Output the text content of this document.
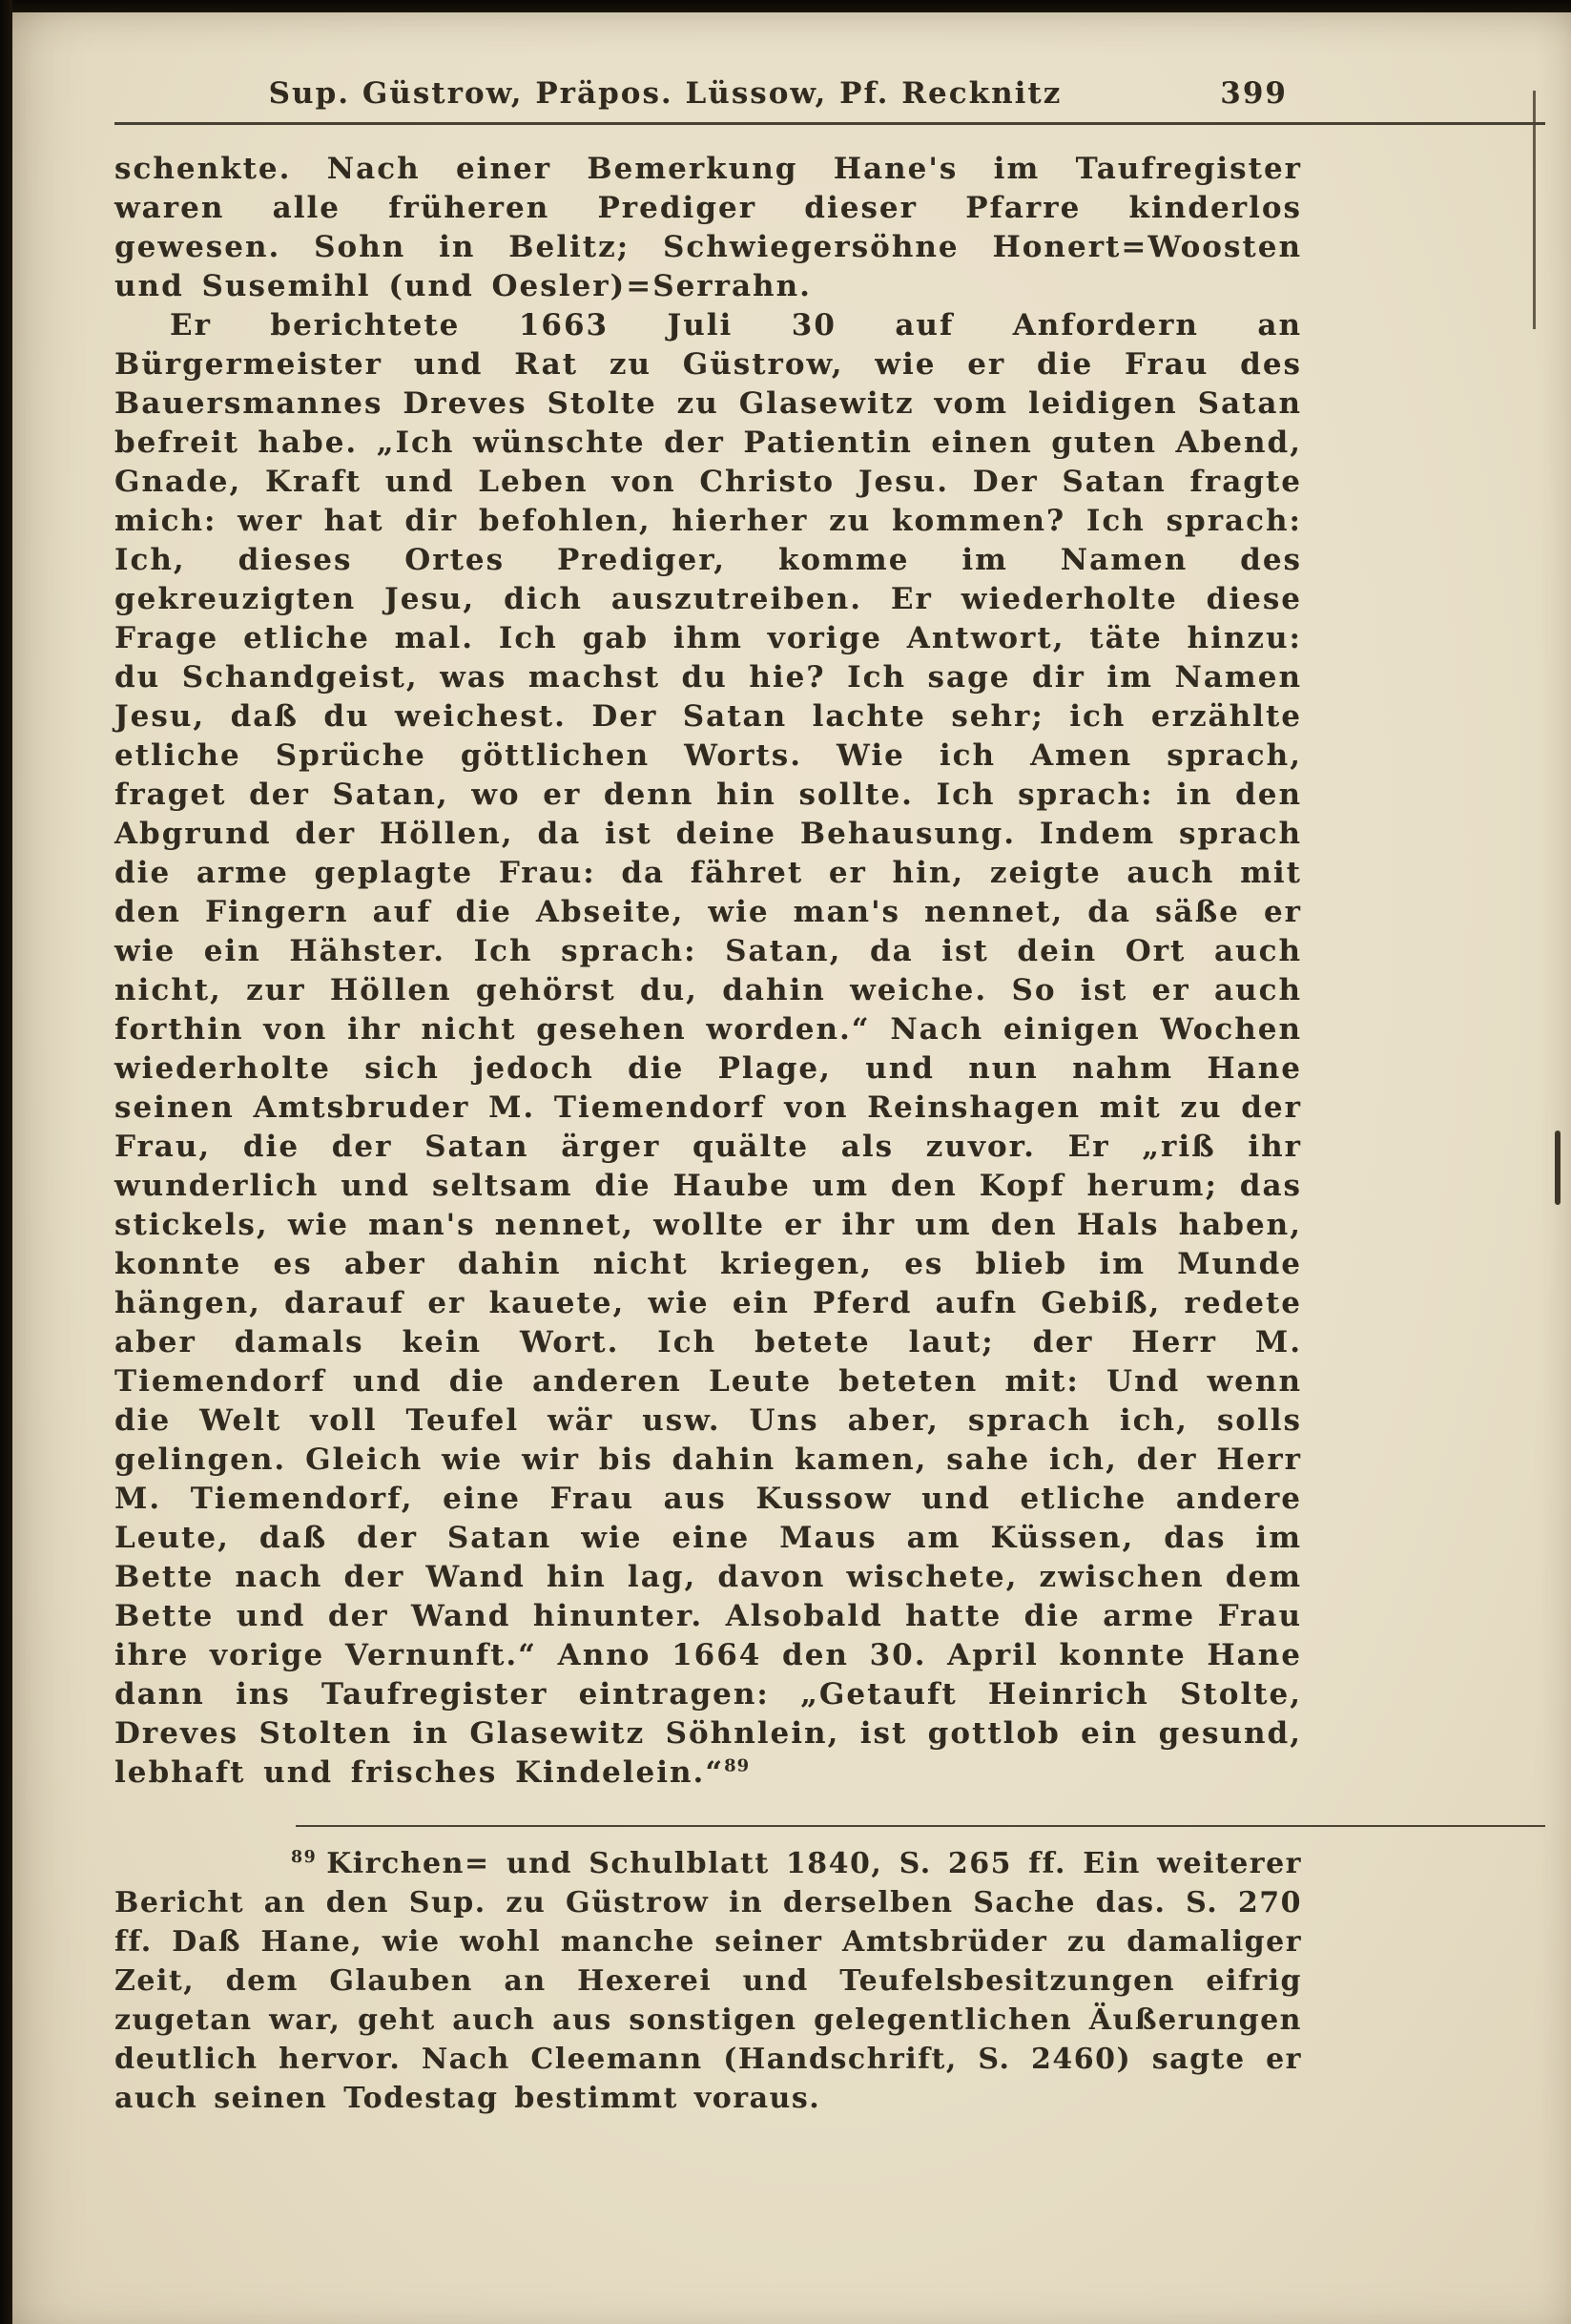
Sup. Güstrow, Präpos. Lüssow, Pf. Recknitz	399

schenkte. Nach einer Bemerkung Hane's im Taufregister waren alle früheren Prediger dieser Pfarre kinderlos gewesen. Sohn in Belitz; Schwiegersöhne Honert=Woosten und Susemihl (und Oesler)=Serrahn.

Er berichtete 1663 Juli 30 auf Anfordern an Bürgermeister und Rat zu Güstrow, wie er die Frau des Bauersmannes Dreves Stolte zu Glasewitz vom leidigen Satan befreit habe. „Ich wünschte der Patientin einen guten Abend, Gnade, Kraft und Leben von Christo Jesu. Der Satan fragte mich: wer hat dir befohlen, hierher zu kommen? Ich sprach: Ich, dieses Ortes Prediger, komme im Namen des gekreuzigten Jesu, dich auszutreiben. Er wiederholte diese Frage etliche mal. Ich gab ihm vorige Antwort, täte hinzu: du Schandgeist, was machst du hie? Ich sage dir im Namen Jesu, daß du weichest. Der Satan lachte sehr; ich erzählte etliche Sprüche göttlichen Worts. Wie ich Amen sprach, fraget der Satan, wo er denn hin sollte. Ich sprach: in den Abgrund der Höllen, da ist deine Behausung. Indem sprach die arme geplagte Frau: da fähret er hin, zeigte auch mit den Fingern auf die Abseite, wie man's nennet, da säße er wie ein Hähster. Ich sprach: Satan, da ist dein Ort auch nicht, zur Höllen gehörst du, dahin weiche. So ist er auch forthin von ihr nicht gesehen worden.“ Nach einigen Wochen wiederholte sich jedoch die Plage, und nun nahm Hane seinen Amtsbruder M. Tiemendorf von Reinshagen mit zu der Frau, die der Satan ärger quälte als zuvor. Er „riß ihr wunderlich und seltsam die Haube um den Kopf herum; das stickels, wie man's nennet, wollte er ihr um den Hals haben, konnte es aber dahin nicht kriegen, es blieb im Munde hängen, darauf er kauete, wie ein Pferd aufn Gebiß, redete aber damals kein Wort. Ich betete laut; der Herr M. Tiemendorf und die anderen Leute beteten mit: Und wenn die Welt voll Teufel wär usw. Uns aber, sprach ich, solls gelingen. Gleich wie wir bis dahin kamen, sahe ich, der Herr M. Tiemendorf, eine Frau aus Kussow und etliche andere Leute, daß der Satan wie eine Maus am Küssen, das im Bette nach der Wand hin lag, davon wischete, zwischen dem Bette und der Wand hinunter. Alsobald hatte die arme Frau ihre vorige Vernunft.“ Anno 1664 den 30. April konnte Hane dann ins Taufregister eintragen: „Getauft Heinrich Stolte, Dreves Stolten in Glasewitz Söhnlein, ist gottlob ein gesund, lebhaft und frisches Kindelein.“$^{89}$

$^{89}$ Kirchen= und Schulblatt 1840, S. 265 ff. Ein weiterer Bericht an den Sup. zu Güstrow in derselben Sache das. S. 270 ff. Daß Hane, wie wohl manche seiner Amtsbrüder zu damaliger Zeit, dem Glauben an Hexerei und Teufelsbesitzungen eifrig zugetan war, geht auch aus sonstigen gelegentlichen Äußerungen deutlich hervor. Nach Cleemann (Handschrift, S. 2460) sagte er auch seinen Todestag bestimmt voraus.
